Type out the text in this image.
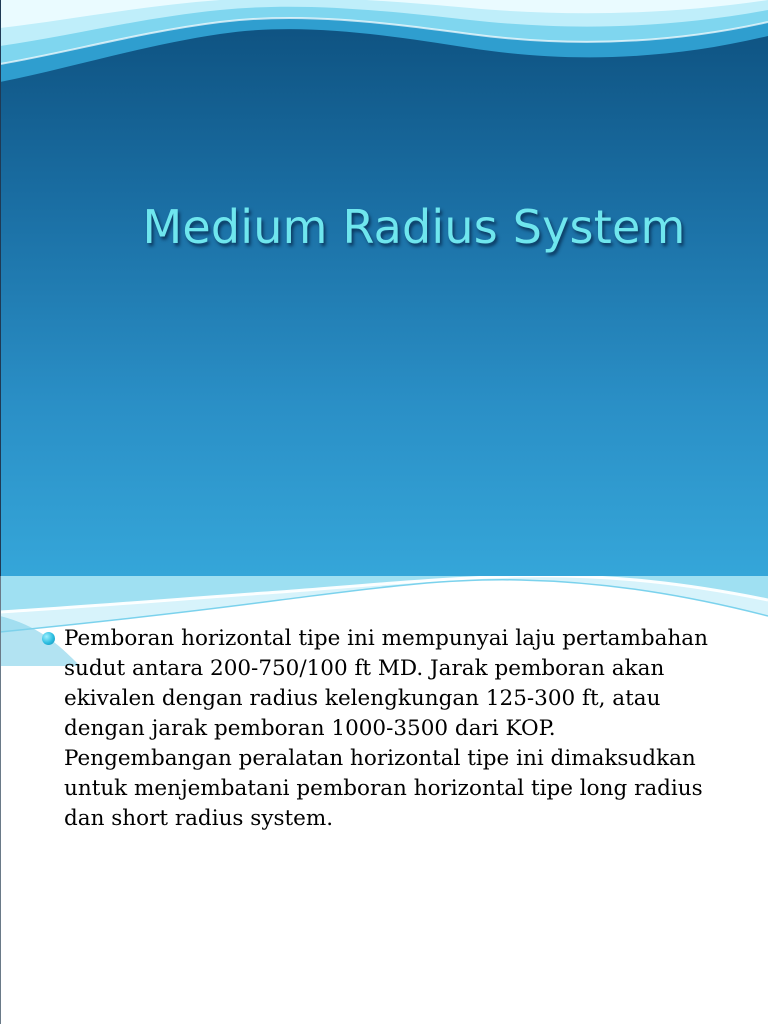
Medium Radius System
Pemboran horizontal tipe ini mempunyai laju pertambahan sudut antara 200-750/100 ft MD. Jarak pemboran akan ekivalen dengan radius kelengkungan 125-300 ft, atau dengan jarak pemboran 1000-3500 dari KOP. Pengembangan peralatan horizontal tipe ini dimaksudkan untuk menjembatani pemboran horizontal tipe long radius dan short radius system.
